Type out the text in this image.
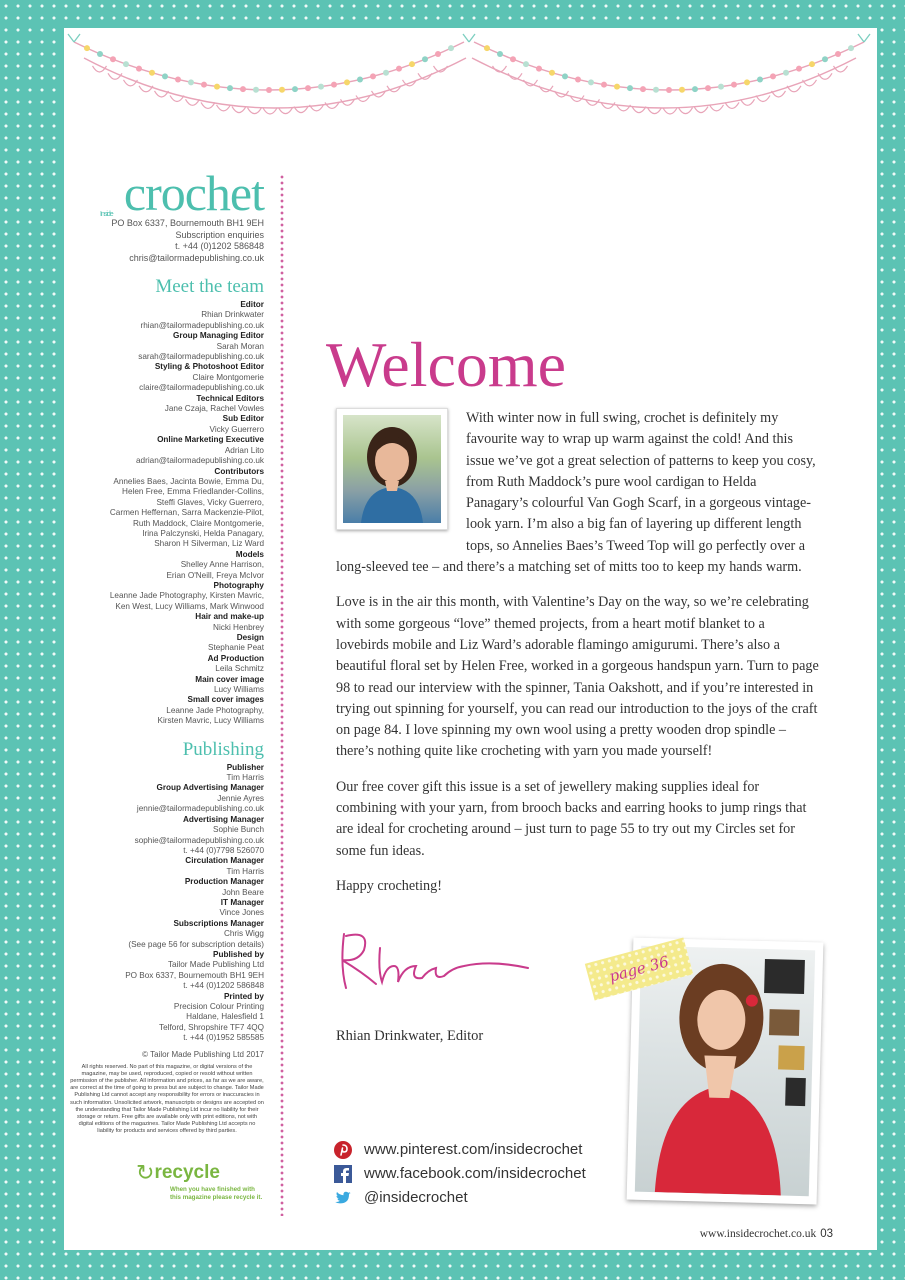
Inside crochet
PO Box 6337, Bournemouth BH1 9EH
Subscription enquiries
t. +44 (0)1202 586848
chris@tailormadepublishing.co.uk
Meet the team
Editor
Rhian Drinkwater
rhian@tailormadepublishing.co.uk
Group Managing Editor
Sarah Moran
sarah@tailormadepublishing.co.uk
Styling & Photoshoot Editor
Claire Montgomerie
claire@tailormadepublishing.co.uk
Technical Editors
Jane Czaja, Rachel Vowles
Sub Editor
Vicky Guerrero
Online Marketing Executive
Adrian Lito
adrian@tailormadepublishing.co.uk
Contributors
Annelies Baes, Jacinta Bowie, Emma Du,
Helen Free, Emma Friedlander-Collins,
Steffi Glaves, Vicky Guerrero,
Carmen Heffernan, Sarra Mackenzie-Pilot,
Ruth Maddock, Claire Montgomerie,
Irina Palczynski, Helda Panagary,
Sharon H Silverman, Liz Ward
Models
Shelley Anne Harrison,
Erian O'Neill, Freya McIvor
Photography
Leanne Jade Photography, Kirsten Mavric,
Ken West, Lucy Williams, Mark Winwood
Hair and make-up
Nicki Henbrey
Design
Stephanie Peat
Ad Production
Leila Schmitz
Main cover image
Lucy Williams
Small cover images
Leanne Jade Photography,
Kirsten Mavric, Lucy Williams
Publishing
Publisher
Tim Harris
Group Advertising Manager
Jennie Ayres
jennie@tailormadepublishing.co.uk
Advertising Manager
Sophie Bunch
sophie@tailormadepublishing.co.uk
t. +44 (0)7798 526070
Circulation Manager
Tim Harris
Production Manager
John Beare
IT Manager
Vince Jones
Subscriptions Manager
Chris Wigg
(See page 56 for subscription details)
Published by
Tailor Made Publishing Ltd
PO Box 6337, Bournemouth BH1 9EH
t. +44 (0)1202 586848
Printed by
Precision Colour Printing
Haldane, Halesfield 1
Telford, Shropshire TF7 4QQ
t. +44 (0)1952 585585
© Tailor Made Publishing Ltd 2017
All rights reserved. No part of this magazine, or digital versions of the magazine, may be used, reproduced, copied or resold without written permission of the publisher. All information and prices, as far as we are aware, are correct at the time of going to press but are subject to change. Tailor Made Publishing Ltd cannot accept any responsibility for errors or inaccuracies in such information. Unsolicited artwork, manuscripts or designs are accepted on the understanding that Tailor Made Publishing Ltd incur no liability for their storage or return. Free gifts are available only with print editions, not with digital editions of the magazines. Tailor Made Publishing Ltd accepts no liability for products and services offered by third parties.
↻recycle
When you have finished with
this magazine please recycle it.
Welcome

With winter now in full swing, crochet is definitely my favourite way to wrap up warm against the cold! And this issue we’ve got a great selection of patterns to keep you cosy, from Ruth Maddock’s pure wool cardigan to Helda Panagary’s colourful Van Gogh Scarf, in a gorgeous vintage-look yarn. I’m also a big fan of layering up different length tops, so Annelies Baes’s Tweed Top will go perfectly over a long-sleeved tee – and there’s a matching set of mitts too to keep my hands warm.

Love is in the air this month, with Valentine’s Day on the way, so we’re celebrating with some gorgeous “love” themed projects, from a heart motif blanket to a lovebirds mobile and Liz Ward’s adorable flamingo amigurumi. There’s also a beautiful floral set by Helen Free, worked in a gorgeous handspun yarn. Turn to page 98 to read our interview with the spinner, Tania Oakshott, and if you’re interested in trying out spinning for yourself, you can read our introduction to the joys of the craft on page 84. I love spinning my own wool using a pretty wooden drop spindle – there’s nothing quite like crocheting with yarn you made yourself!

Our free cover gift this issue is a set of jewellery making supplies ideal for combining with your yarn, from brooch backs and earring hooks to jump rings that are ideal for crocheting around – just turn to page 55 to try out my Circles set for some fun ideas.

Happy crocheting!

Rhian Drinkwater, Editor
page 36
www.pinterest.com/insidecrochet
www.facebook.com/insidecrochet
@insidecrochet
www.insidecrochet.co.uk 03
